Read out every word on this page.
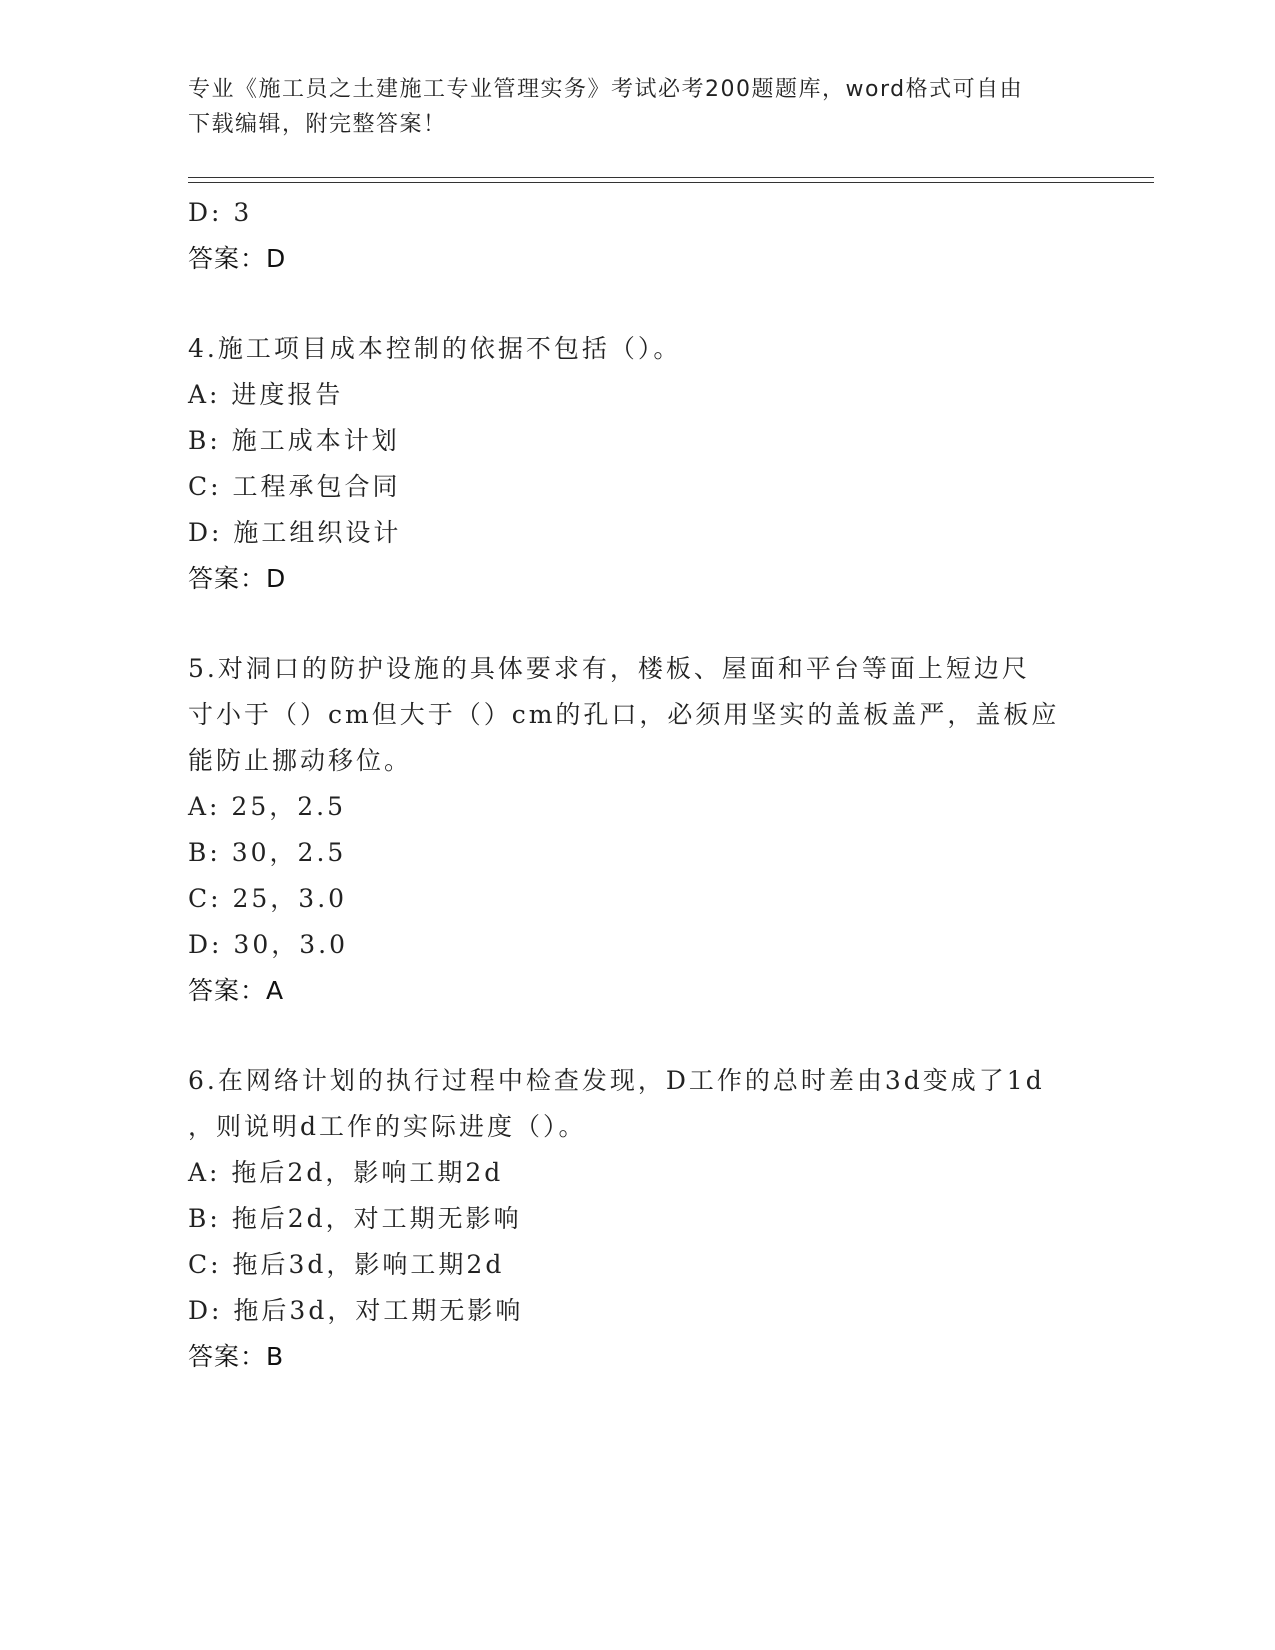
专业《施工员之土建施工专业管理实务》考试必考200题题库，word格式可自由
下载编辑，附完整答案！
D: 3
答案：D
4.施工项目成本控制的依据不包括（）。
A: 进度报告
B: 施工成本计划
C: 工程承包合同
D: 施工组织设计
答案：D
5.对洞口的防护设施的具体要求有，楼板、屋面和平台等面上短边尺
寸小于（）cm但大于（）cm的孔口，必须用坚实的盖板盖严，盖板应
能防止挪动移位。
A: 25，2.5
B: 30，2.5
C: 25，3.0
D: 30，3.0
答案：A
6.在网络计划的执行过程中检查发现，D工作的总时差由3d变成了1d
，则说明d工作的实际进度（）。
A: 拖后2d，影响工期2d
B: 拖后2d，对工期无影响
C: 拖后3d，影响工期2d
D: 拖后3d，对工期无影响
答案：B
